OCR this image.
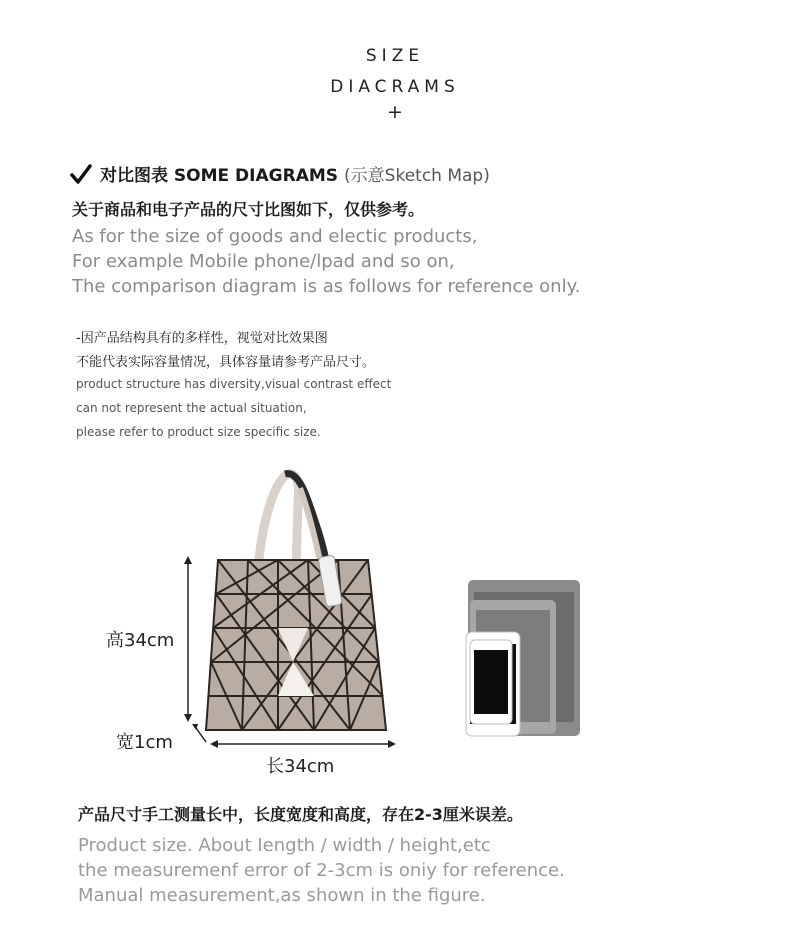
SIZE
DIACRAMS
+
对比图表 SOME DIAGRAMS (示意Sketch Map)
关于商品和电子产品的尺寸比图如下，仅供参考。
As for the size of goods and electic products,
For example Mobile phone/lpad and so on,
The comparison diagram is as follows for reference only.
-因产品结构具有的多样性，视觉对比效果图
不能代表实际容量情况，具体容量请参考产品尺寸。
product structure has diversity,visual contrast effect
can not represent the actual situation,
please refer to product size specific size.
高34cm
宽1cm
长34cm
产品尺寸手工测量长中，长度宽度和高度，存在2-3厘米误差。
Product size. About Iength / width / height,etc
the measuremenf error of 2-3cm is oniy for reference.
Manual measurement,as shown in the figure.
